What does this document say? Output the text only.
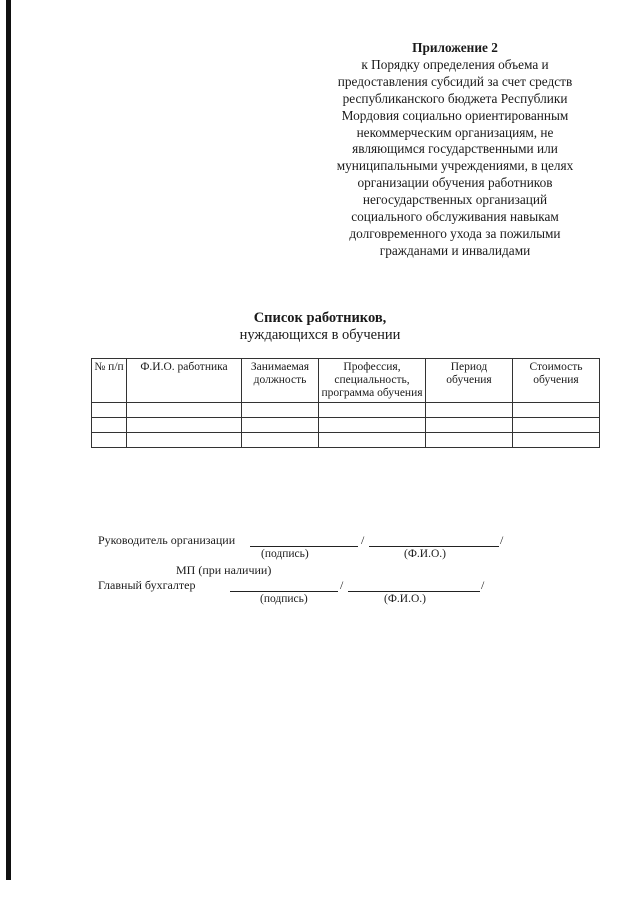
Приложение 2
к Порядку определения объема и
предоставления субсидий за счет средств
республиканского бюджета Республики
Мордовия социально ориентированным
некоммерческим организациям, не
являющимся государственными или
муниципальными учреждениями, в целях
организации обучения работников
негосударственных организаций
социального обслуживания навыкам
долговременного ухода за пожилыми
гражданами и инвалидами
Список работников,
нуждающихся в обучении
№ п/п	Ф.И.О. работника	Занимаемая должность	Профессия, специальность, программа обучения	Период обучения	Стоимость обучения

Руководитель организации	/	/
(подпись)	(Ф.И.О.)
МП (при наличии)
Главный бухгалтер	/	/
(подпись)	(Ф.И.О.)
